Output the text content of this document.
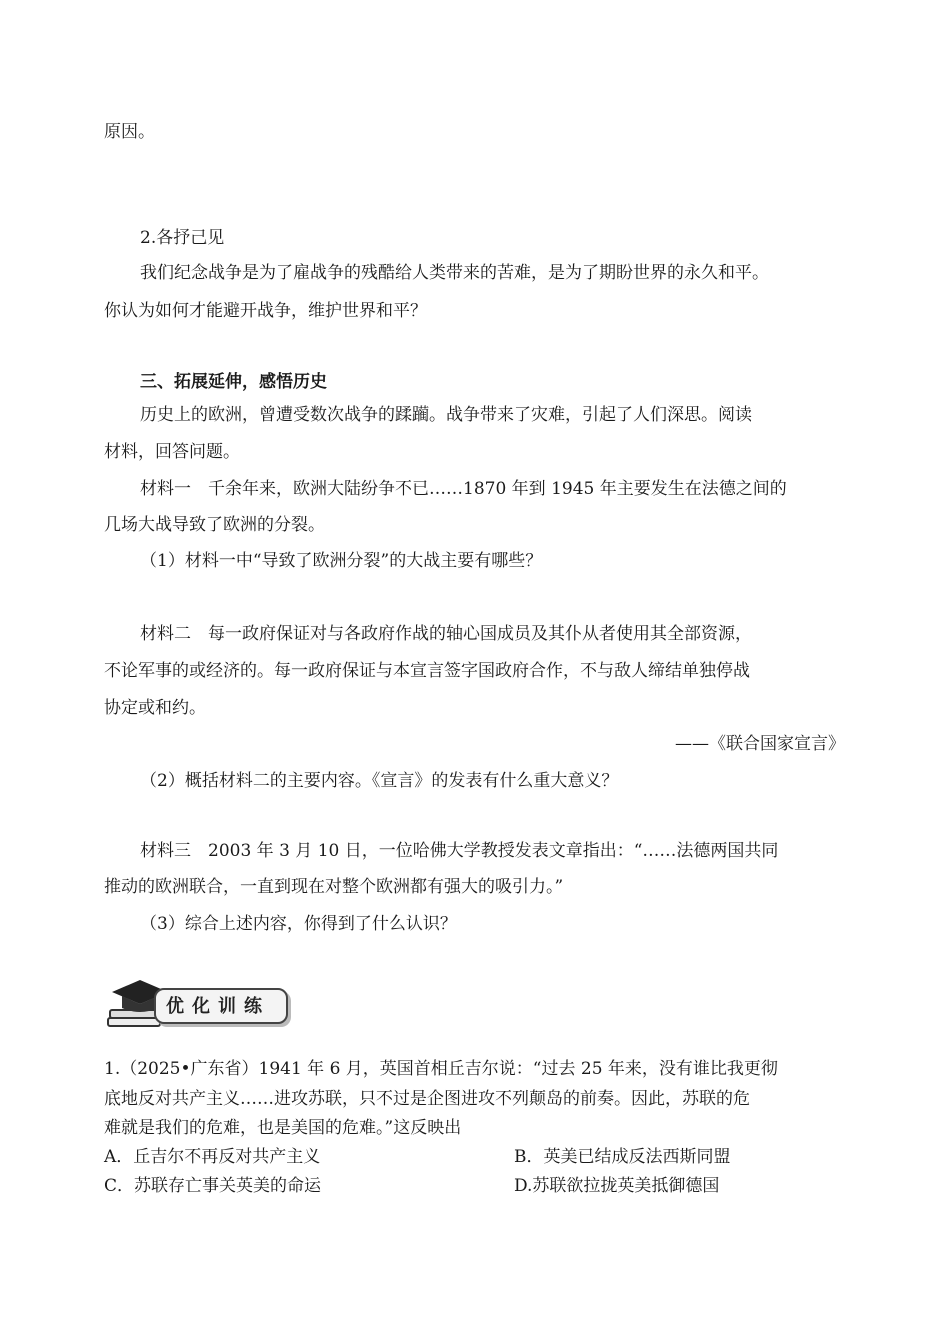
原因。
2.各抒己见
我们纪念战争是为了雇战争的残酷给人类带来的苦难，是为了期盼世界的永久和平。
你认为如何才能避开战争，维护世界和平？
三、拓展延伸，感悟历史
历史上的欧洲，曾遭受数次战争的蹂躏。战争带来了灾难，引起了人们深思。阅读
材料，回答问题。
材料一　千余年来，欧洲大陆纷争不已……1870 年到 1945 年主要发生在法德之间的
几场大战导致了欧洲的分裂。
（1）材料一中“导致了欧洲分裂”的大战主要有哪些？
材料二　每一政府保证对与各政府作战的轴心国成员及其仆从者使用其全部资源，
不论军事的或经济的。每一政府保证与本宣言签字国政府合作，不与敌人缔结单独停战
协定或和约。
——《联合国家宣言》
（2）概括材料二的主要内容。《宣言》的发表有什么重大意义？
材料三　2003 年 3 月 10 日，一位哈佛大学教授发表文章指出：“……法德两国共同
推动的欧洲联合，一直到现在对整个欧洲都有强大的吸引力。”
（3）综合上述内容，你得到了什么认识？
优化训练
1.（2025•广东省）1941 年 6 月，英国首相丘吉尔说：“过去 25 年来，没有谁比我更彻
底地反对共产主义……进攻苏联，只不过是企图进攻不列颠岛的前奏。因此，苏联的危
难就是我们的危难，也是美国的危难。”这反映出
A．丘吉尔不再反对共产主义	B．英美已结成反法西斯同盟
C．苏联存亡事关英美的命运	D.苏联欲拉拢英美抵御德国
